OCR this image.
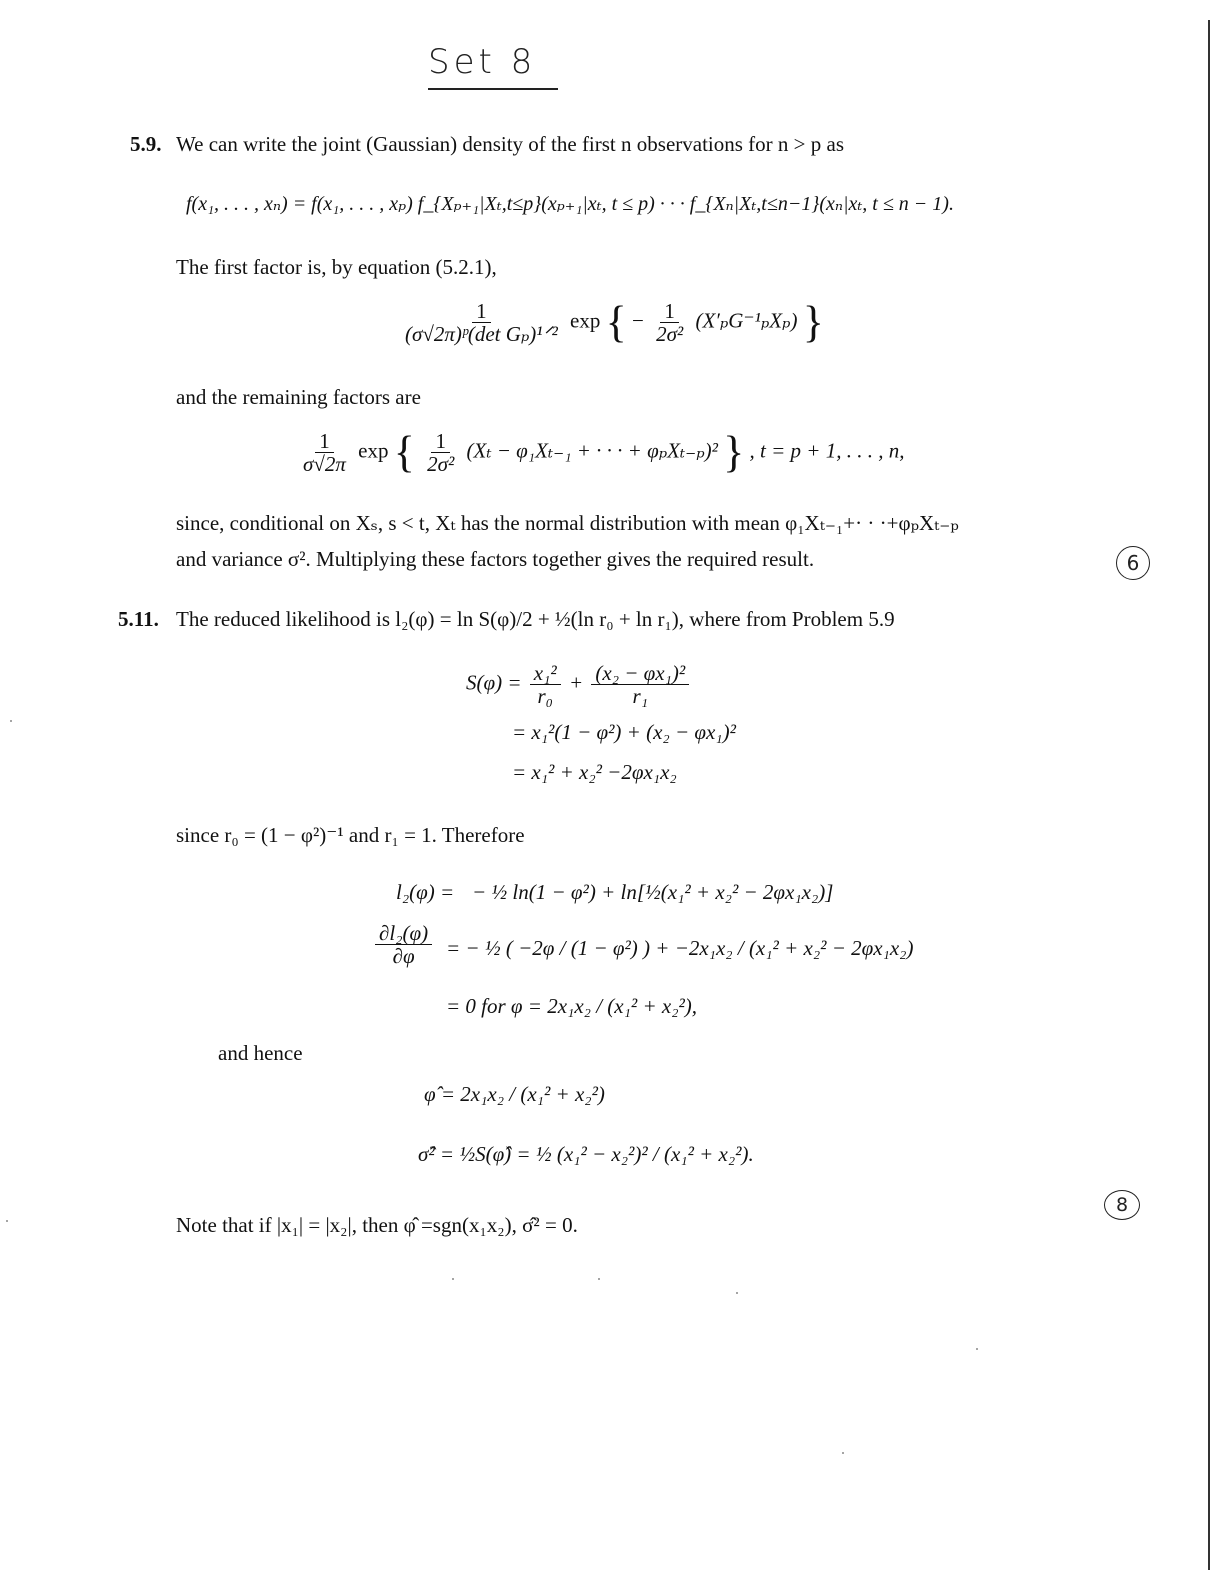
Set 8
5.9. We can write the joint (Gaussian) density of the first n observations for n > p as
f(x₁, . . . , xₙ) = f(x₁, . . . , xₚ) f_{Xₚ₊₁|Xₜ,t≤p}(xₚ₊₁|xₜ, t ≤ p) · · · f_{Xₙ|Xₜ,t≤n−1}(xₙ|xₜ, t ≤ n − 1).
The first factor is, by equation (5.2.1),
$\frac{1}{\text{(σ√2π)ᵖ(det Gₚ)¹ᐟ²}}$ exp { − $\frac{1}{\text{2σ²}} (X'_pG^{-1}_pX_p)$ }
and the remaining factors are
$\frac{1}{\sigma√2\pi}$ exp { $\frac{1}{\text{2σ²}} (X_t - \varphi_1X_{t-1}$ + · · · + φₚXₜ₋ₚ)² } , t = p + 1, . . . , n,
since, conditional on Xₛ, s < t, Xₜ has the normal distribution with mean φ₁Xₜ₋₁+· · ·+φₚXₜ₋ₚ
and variance σ². Multiplying these factors together gives the required result.	6
5.11. The reduced likelihood is l₂(φ) = ln S(φ)/2 + ½(ln r₀ + ln r₁), where from Problem 5.9
$S(\varphi) = \frac{\text{x₁²}}{\text{r₀}} + \frac{\text{(x₂ − φx₁)²}}{\text{r₁}}$
= x₁²(1 − φ²) + (x₂ − φx₁)²
= x₁² + x₂² −2φx₁x₂
since r₀ = (1 − φ²)⁻¹ and r₁ = 1. Therefore
l₂(φ) = − ½ ln(1 − φ²) + ln[½(x₁² + x₂² − 2φx₁x₂)]
$\frac{\text{∂l₂(φ)}}{\partial\varphi}$ = − ½ ( −2φ / (1 − φ²) ) + −2x₁x₂ / (x₁² + x₂² − 2φx₁x₂)
= 0 for φ = 2x₁x₂ / (x₁² + x₂²),
and hence
φ̂ = 2x₁x₂ / (x₁² + x₂²)
σ̂² = ½S(φ̂) = ½ (x₁² − x₂²)² / (x₁² + x₂²).
Note that if |x₁| = |x₂|, then φ̂ =sgn(x₁x₂), σ̂² = 0.
8
